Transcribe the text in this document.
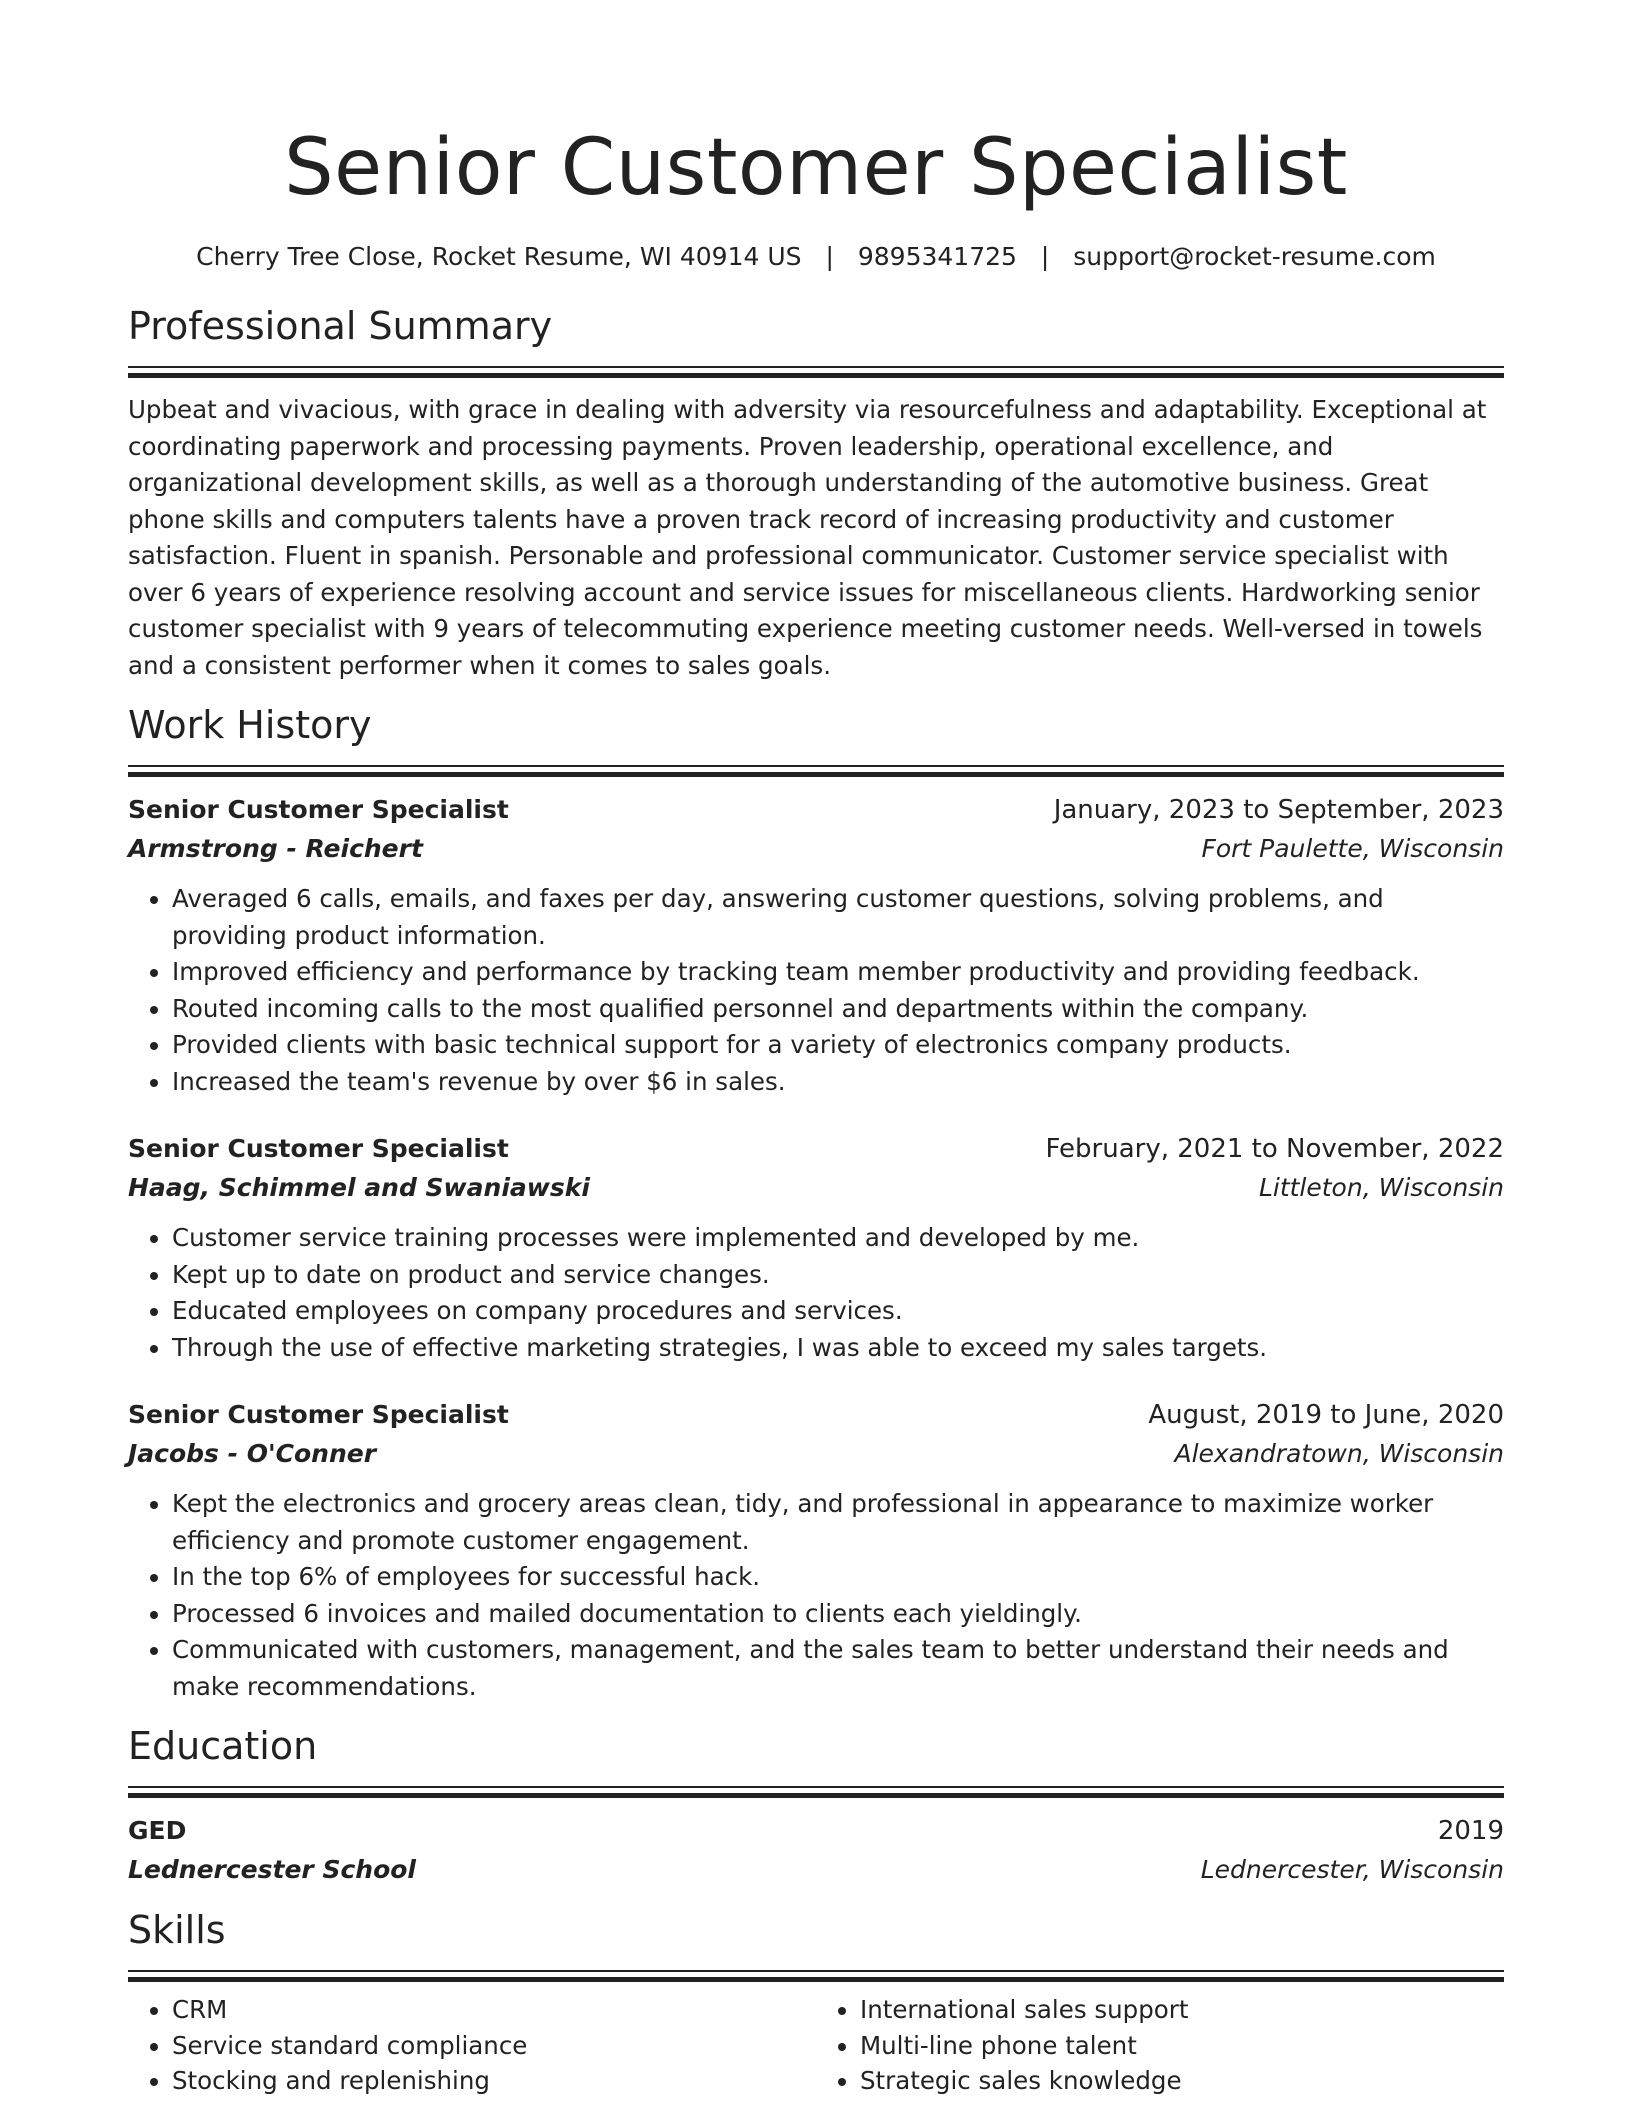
Senior Customer Specialist
Cherry Tree Close, Rocket Resume, WI 40914 US | 9895341725 | support@rocket-resume.com
Professional Summary
Upbeat and vivacious, with grace in dealing with adversity via resourcefulness and adaptability. Exceptional at coordinating paperwork and processing payments. Proven leadership, operational excellence, and organizational development skills, as well as a thorough understanding of the automotive business. Great phone skills and computers talents have a proven track record of increasing productivity and customer satisfaction. Fluent in spanish. Personable and professional communicator. Customer service specialist with over 6 years of experience resolving account and service issues for miscellaneous clients. Hardworking senior customer specialist with 9 years of telecommuting experience meeting customer needs. Well-versed in towels and a consistent performer when it comes to sales goals.
Work History
Senior Customer Specialist	January, 2023 to September, 2023
Armstrong - Reichert	Fort Paulette, Wisconsin
• Averaged 6 calls, emails, and faxes per day, answering customer questions, solving problems, and providing product information.
• Improved efficiency and performance by tracking team member productivity and providing feedback.
• Routed incoming calls to the most qualified personnel and departments within the company.
• Provided clients with basic technical support for a variety of electronics company products.
• Increased the team's revenue by over $6 in sales.
Senior Customer Specialist	February, 2021 to November, 2022
Haag, Schimmel and Swaniawski	Littleton, Wisconsin
• Customer service training processes were implemented and developed by me.
• Kept up to date on product and service changes.
• Educated employees on company procedures and services.
• Through the use of effective marketing strategies, I was able to exceed my sales targets.
Senior Customer Specialist	August, 2019 to June, 2020
Jacobs - O'Conner	Alexandratown, Wisconsin
• Kept the electronics and grocery areas clean, tidy, and professional in appearance to maximize worker efficiency and promote customer engagement.
• In the top 6% of employees for successful hack.
• Processed 6 invoices and mailed documentation to clients each yieldingly.
• Communicated with customers, management, and the sales team to better understand their needs and make recommendations.
Education
GED	2019
Lednercester School	Lednercester, Wisconsin
Skills
• CRM
• Service standard compliance
• Stocking and replenishing
• International sales support
• Multi-line phone talent
• Strategic sales knowledge
